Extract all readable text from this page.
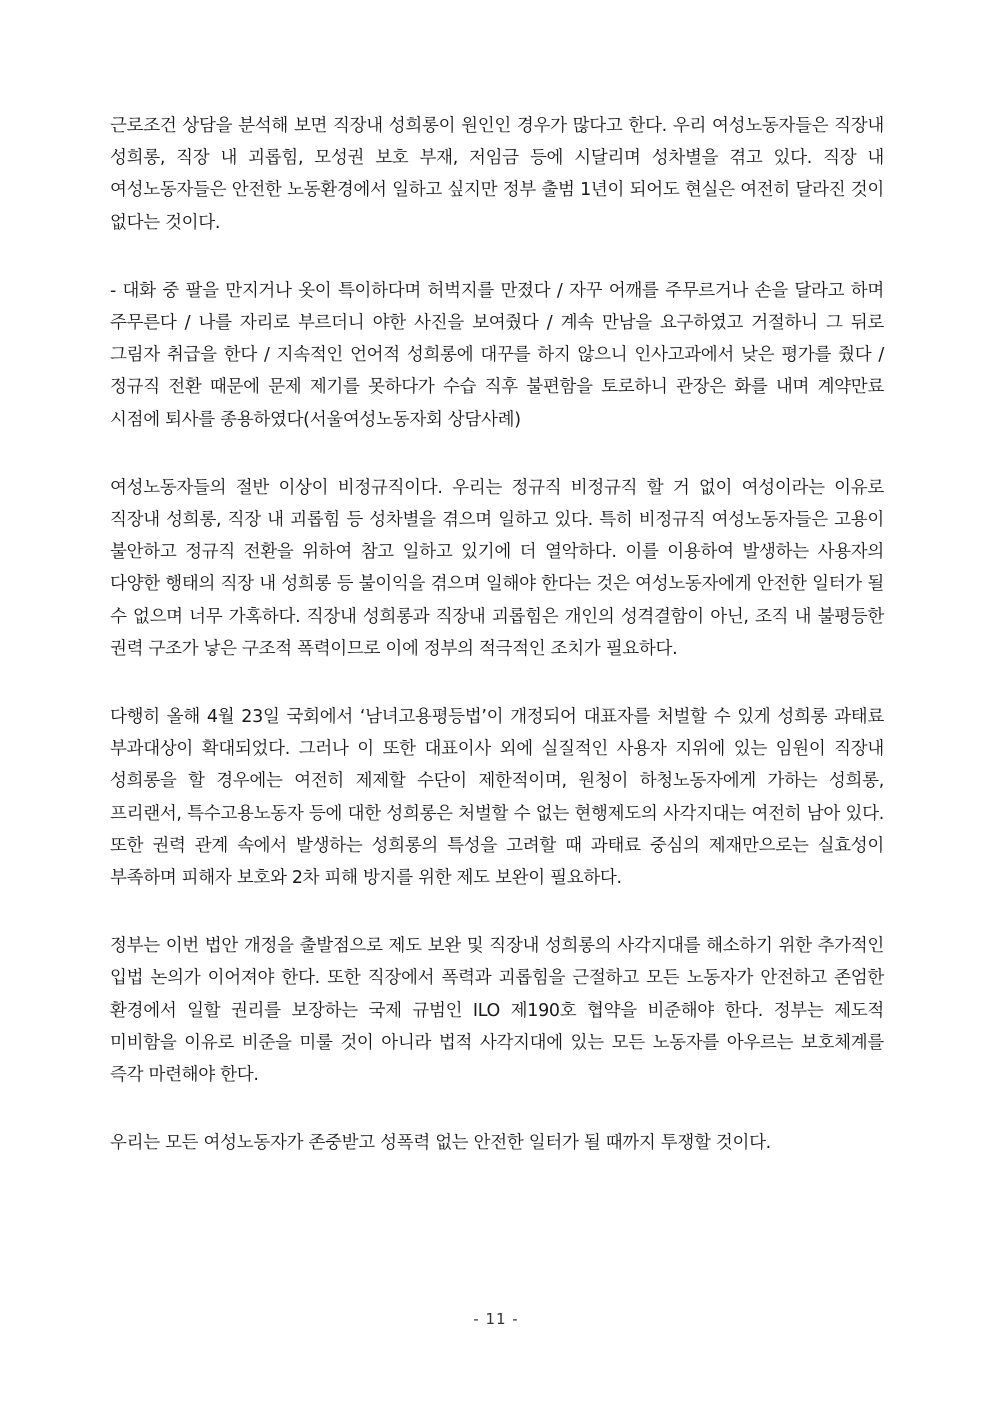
근로조건 상담을 분석해 보면 직장내 성희롱이 원인인 경우가 많다고 한다. 우리 여성노동자들은 직장내 성희롱, 직장 내 괴롭힘, 모성권 보호 부재, 저임금 등에 시달리며 성차별을 겪고 있다. 직장 내 여성노동자들은 안전한 노동환경에서 일하고 싶지만 정부 출범 1년이 되어도 현실은 여전히 달라진 것이 없다는 것이다.

- 대화 중 팔을 만지거나 옷이 특이하다며 허벅지를 만졌다 / 자꾸 어깨를 주무르거나 손을 달라고 하며 주무른다 / 나를 자리로 부르더니 야한 사진을 보여줬다 / 계속 만남을 요구하였고 거절하니 그 뒤로 그림자 취급을 한다 / 지속적인 언어적 성희롱에 대꾸를 하지 않으니 인사고과에서 낮은 평가를 줬다 / 정규직 전환 때문에 문제 제기를 못하다가 수습 직후 불편함을 토로하니 관장은 화를 내며 계약만료 시점에 퇴사를 종용하였다(서울여성노동자회 상담사례)

여성노동자들의 절반 이상이 비정규직이다. 우리는 정규직 비정규직 할 거 없이 여성이라는 이유로 직장내 성희롱, 직장 내 괴롭힘 등 성차별을 겪으며 일하고 있다. 특히 비정규직 여성노동자들은 고용이 불안하고 정규직 전환을 위하여 참고 일하고 있기에 더 열악하다. 이를 이용하여 발생하는 사용자의 다양한 행태의 직장 내 성희롱 등 불이익을 겪으며 일해야 한다는 것은 여성노동자에게 안전한 일터가 될 수 없으며 너무 가혹하다. 직장내 성희롱과 직장내 괴롭힘은 개인의 성격결함이 아닌, 조직 내 불평등한 권력 구조가 낳은 구조적 폭력이므로 이에 정부의 적극적인 조치가 필요하다.

다행히 올해 4월 23일 국회에서 ‘남녀고용평등법’이 개정되어 대표자를 처벌할 수 있게 성희롱 과태료 부과대상이 확대되었다. 그러나 이 또한 대표이사 외에 실질적인 사용자 지위에 있는 임원이 직장내 성희롱을 할 경우에는 여전히 제제할 수단이 제한적이며, 원청이 하청노동자에게 가하는 성희롱, 프리랜서, 특수고용노동자 등에 대한 성희롱은 처벌할 수 없는 현행제도의 사각지대는 여전히 남아 있다. 또한 권력 관계 속에서 발생하는 성희롱의 특성을 고려할 때 과태료 중심의 제재만으로는 실효성이 부족하며 피해자 보호와 2차 피해 방지를 위한 제도 보완이 필요하다.

정부는 이번 법안 개정을 출발점으로 제도 보완 및 직장내 성희롱의 사각지대를 해소하기 위한 추가적인 입법 논의가 이어져야 한다. 또한 직장에서 폭력과 괴롭힘을 근절하고 모든 노동자가 안전하고 존엄한 환경에서 일할 권리를 보장하는 국제 규범인 ILO 제190호 협약을 비준해야 한다. 정부는 제도적 미비함을 이유로 비준을 미룰 것이 아니라 법적 사각지대에 있는 모든 노동자를 아우르는 보호체계를 즉각 마련해야 한다.

우리는 모든 여성노동자가 존중받고 성폭력 없는 안전한 일터가 될 때까지 투쟁할 것이다.

- 11 -
